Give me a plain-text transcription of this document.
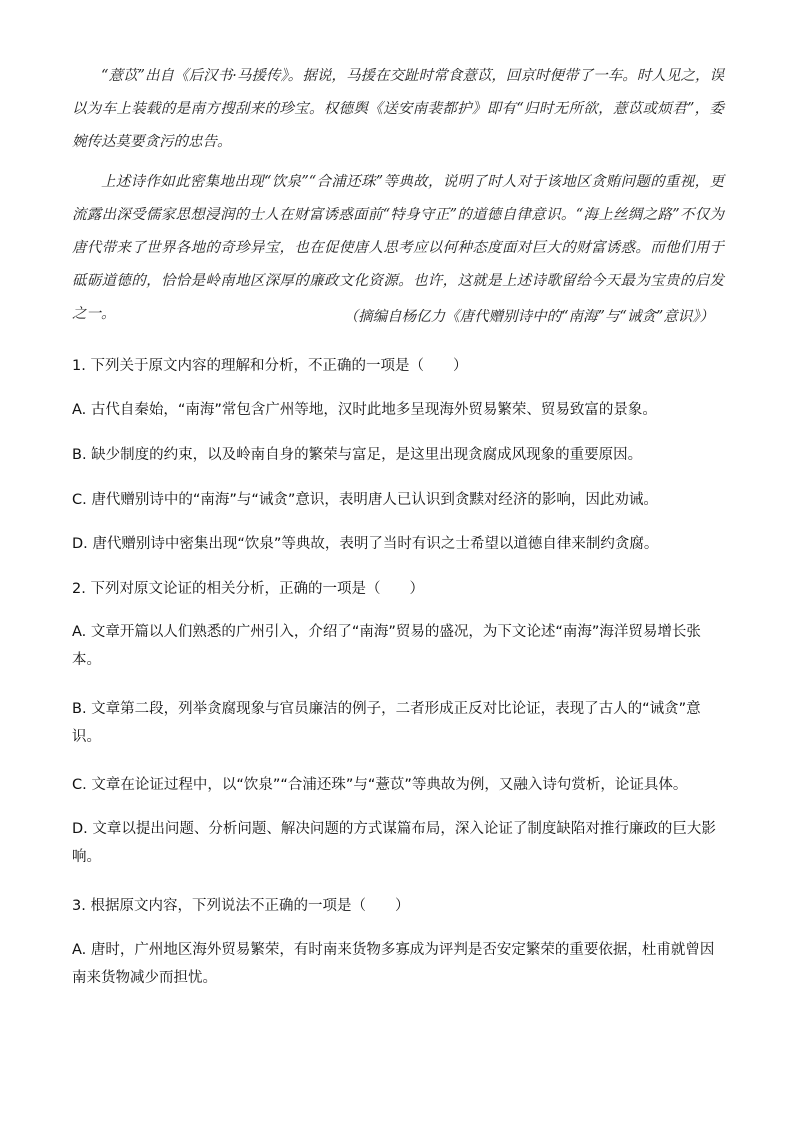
“薏苡”出自《后汉书·马援传》。据说，马援在交趾时常食薏苡，回京时便带了一车。时人见之，误以为车上装载的是南方搜刮来的珍宝。权德舆《送安南裴都护》即有“归时无所欲，薏苡或烦君”，委婉传达莫要贪污的忠告。

上述诗作如此密集地出现“饮泉”“合浦还珠”等典故，说明了时人对于该地区贪贿问题的重视，更流露出深受儒家思想浸润的士人在财富诱惑面前“特身守正”的道德自律意识。“海上丝绸之路”不仅为唐代带来了世界各地的奇珍异宝，也在促使唐人思考应以何种态度面对巨大的财富诱惑。而他们用于砥砺道德的，恰恰是岭南地区深厚的廉政文化资源。也许，这就是上述诗歌留给今天最为宝贵的启发之一。	（摘编自杨亿力《唐代赠别诗中的“南海”与“诫贪”意识》）

1. 下列关于原文内容的理解和分析，不正确的一项是（　　）

A. 古代自秦始，“南海”常包含广州等地，汉时此地多呈现海外贸易繁荣、贸易致富的景象。

B. 缺少制度的约束，以及岭南自身的繁荣与富足，是这里出现贪腐成风现象的重要原因。

C. 唐代赠别诗中的“南海”与“诫贪”意识，表明唐人已认识到贪黩对经济的影响，因此劝诫。

D. 唐代赠别诗中密集出现“饮泉”等典故，表明了当时有识之士希望以道德自律来制约贪腐。

2. 下列对原文论证的相关分析，正确的一项是（　　）

A. 文章开篇以人们熟悉的广州引入，介绍了“南海”贸易的盛况，为下文论述“南海”海洋贸易增长张本。

B. 文章第二段，列举贪腐现象与官员廉洁的例子，二者形成正反对比论证，表现了古人的“诫贪”意识。

C. 文章在论证过程中，以“饮泉”“合浦还珠”与“薏苡”等典故为例，又融入诗句赏析，论证具体。

D. 文章以提出问题、分析问题、解决问题的方式谋篇布局，深入论证了制度缺陷对推行廉政的巨大影响。

3. 根据原文内容，下列说法不正确的一项是（　　）

A. 唐时，广州地区海外贸易繁荣，有时南来货物多寡成为评判是否安定繁荣的重要依据，杜甫就曾因南来货物减少而担忧。
